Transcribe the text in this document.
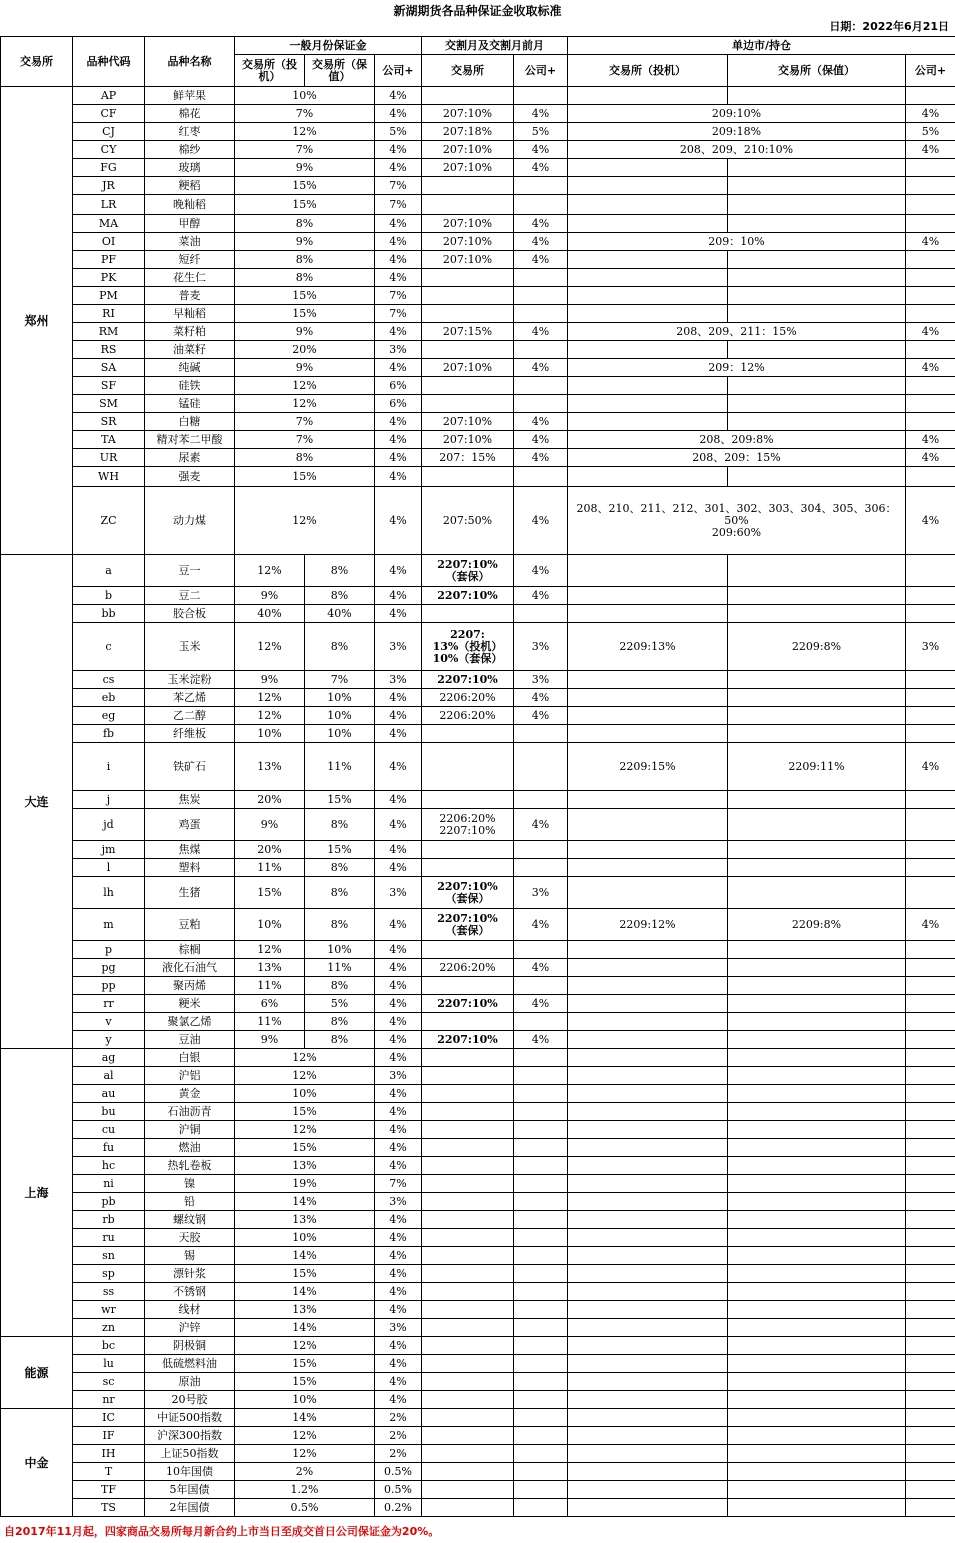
新湖期货各品种保证金收取标准
日期：2022年6月21日
交易所	品种代码	品种名称	一般月份保证金			交割月及交割月前月		单边市/持仓		
			交易所（投机）	交易所（保值）	公司+	交易所	公司+	交易所（投机）	交易所（保值）	公司+
郑州	AP	鲜苹果	10%		4%					
	CF	棉花	7%		4%	207:10%	4%	209:10%		4%
	CJ	红枣	12%		5%	207:18%	5%	209:18%		5%
	CY	棉纱	7%		4%	207:10%	4%	208、209、210:10%		4%
	FG	玻璃	9%		4%	207:10%	4%			
	JR	粳稻	15%		7%					
	LR	晚籼稻	15%		7%					
	MA	甲醇	8%		4%	207:10%	4%			
	OI	菜油	9%		4%	207:10%	4%	209：10%		4%
	PF	短纤	8%		4%	207:10%	4%			
	PK	花生仁	8%		4%					
	PM	普麦	15%		7%					
	RI	早籼稻	15%		7%					
	RM	菜籽粕	9%		4%	207:15%	4%	208、209、211：15%		4%
	RS	油菜籽	20%		3%					
	SA	纯碱	9%		4%	207:10%	4%	209：12%		4%
	SF	硅铁	12%		6%					
	SM	锰硅	12%		6%					
	SR	白糖	7%		4%	207:10%	4%			
	TA	精对苯二甲酸	7%		4%	207:10%	4%	208、209:8%		4%
	UR	尿素	8%		4%	207：15%	4%	208、209：15%		4%
	WH	强麦	15%		4%					
	ZC	动力煤	12%		4%	207:50%	4%	208、210、211、212、301、302、303、304、305、306：50%
209:60%		4%
大连	a	豆一	12%	8%	4%	2207:10%
（套保）	4%			
	b	豆二	9%	8%	4%	2207:10%	4%			
	bb	胶合板	40%	40%	4%					
	c	玉米	12%	8%	3%	2207:
13%（投机）
10%（套保）	3%	2209:13%	2209:8%	3%
	cs	玉米淀粉	9%	7%	3%	2207:10%	3%			
	eb	苯乙烯	12%	10%	4%	2206:20%	4%			
	eg	乙二醇	12%	10%	4%	2206:20%	4%			
	fb	纤维板	10%	10%	4%					
	i	铁矿石	13%	11%	4%			2209:15%	2209:11%	4%
	j	焦炭	20%	15%	4%					
	jd	鸡蛋	9%	8%	4%	2206:20%
2207:10%	4%			
	jm	焦煤	20%	15%	4%					
	l	塑料	11%	8%	4%					
	lh	生猪	15%	8%	3%	2207:10%
（套保）	3%			
	m	豆粕	10%	8%	4%	2207:10%
（套保）	4%	2209:12%	2209:8%	4%
	p	棕榈	12%	10%	4%					
	pg	液化石油气	13%	11%	4%	2206:20%	4%			
	pp	聚丙烯	11%	8%	4%					
	rr	粳米	6%	5%	4%	2207:10%	4%			
	v	聚氯乙烯	11%	8%	4%					
	y	豆油	9%	8%	4%	2207:10%	4%			
上海	ag	白银	12%		4%					
	al	沪铝	12%		3%					
	au	黄金	10%		4%					
	bu	石油沥青	15%		4%					
	cu	沪铜	12%		4%					
	fu	燃油	15%		4%					
	hc	热轧卷板	13%		4%					
	ni	镍	19%		7%					
	pb	铅	14%		3%					
	rb	螺纹钢	13%		4%					
	ru	天胶	10%		4%					
	sn	锡	14%		4%					
	sp	漂针浆	15%		4%					
	ss	不锈钢	14%		4%					
	wr	线材	13%		4%					
	zn	沪锌	14%		3%					
能源	bc	阴极铜	12%		4%					
	lu	低硫燃料油	15%		4%					
	sc	原油	15%		4%					
	nr	20号胶	10%		4%					
中金	IC	中证500指数	14%		2%					
	IF	沪深300指数	12%		2%					
	IH	上证50指数	12%		2%					
	T	10年国债	2%		0.5%					
	TF	5年国债	1.2%		0.5%					
	TS	2年国债	0.5%		0.2%					
自2017年11月起，四家商品交易所每月新合约上市当日至成交首日公司保证金为20%。
